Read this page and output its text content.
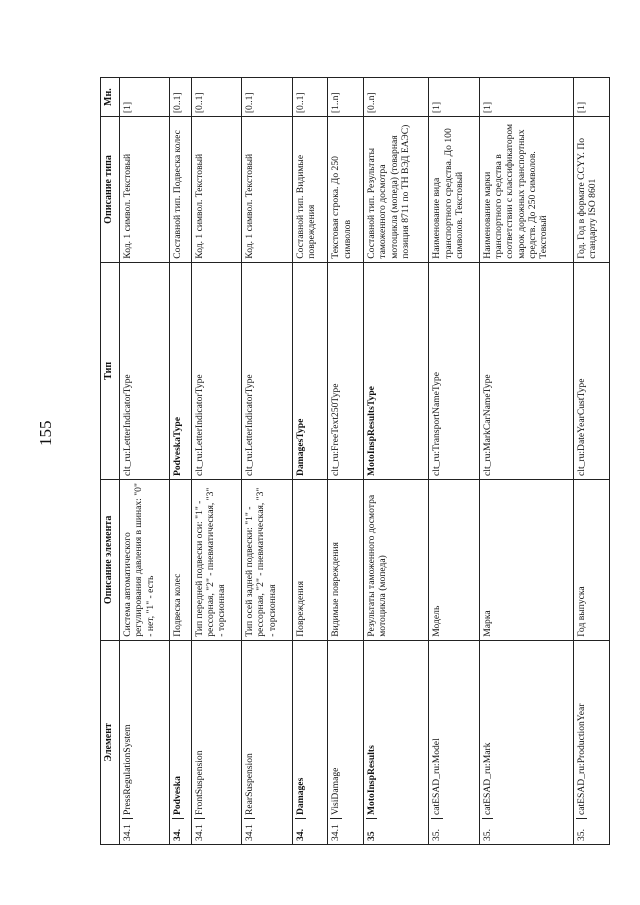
155
Элемент	Описание элемента	Тип	Описание типа	Мн.
34.1PressRegulationSystem	Система автоматического регулирования давления в шинах: "0" - нет, "1" - есть	clt_ru:LetterIndicatorType	Код. 1 символ. Текстовый	[1]
34.Podveska	Подвеска колес	PodveskaType	Составной тип. Подвеска колес	[0..1]
34.1FrontSuspension	Тип передней подвески оси: "1" - рессорная, "2" - пневматическая, "3" - торсионная	clt_ru:LetterIndicatorType	Код. 1 символ. Текстовый	[0..1]
34.1RearSuspension	Тип осей задней подвески: "1" - рессорная, "2" - пневматическая, "3" - торсионная	clt_ru:LetterIndicatorType	Код. 1 символ. Текстовый	[0..1]
34.Damages	Повреждения	DamagesType	Составной тип. Видимые повреждения	[0..1]
34.1VisiDamage	Видимые повреждения	clt_ru:FreeText250Type	Текстовая строка. До 250 символов	[1..n]
35MotoInspResults	Результаты таможенного досмотра мотоцикла (мопеда)	MotoInspResultsType	Составной тип. Результаты таможенного досмотра мотоцикла (мопеда) (товарная позиция 8711 по ТН ВЭД ЕАЭС)	[0..n]
35.catESAD_ru:Model	Модель	clt_ru:TransportNameType	Наименование вида транспортного средства. До 100 символов. Текстовый	[1]
35.catESAD_ru:Mark	Марка	clt_ru:MarkCarNameType	Наименование марки транспортного средства в соответствии с классификатором марок дорожных транспортных средств. До 250 символов. Текстовый	[1]
35.catESAD_ru:ProductionYear	Год выпуска	clt_ru:DateYearCustType	Год. Год в формате ССYY. По стандарту ISO 8601	[1]
